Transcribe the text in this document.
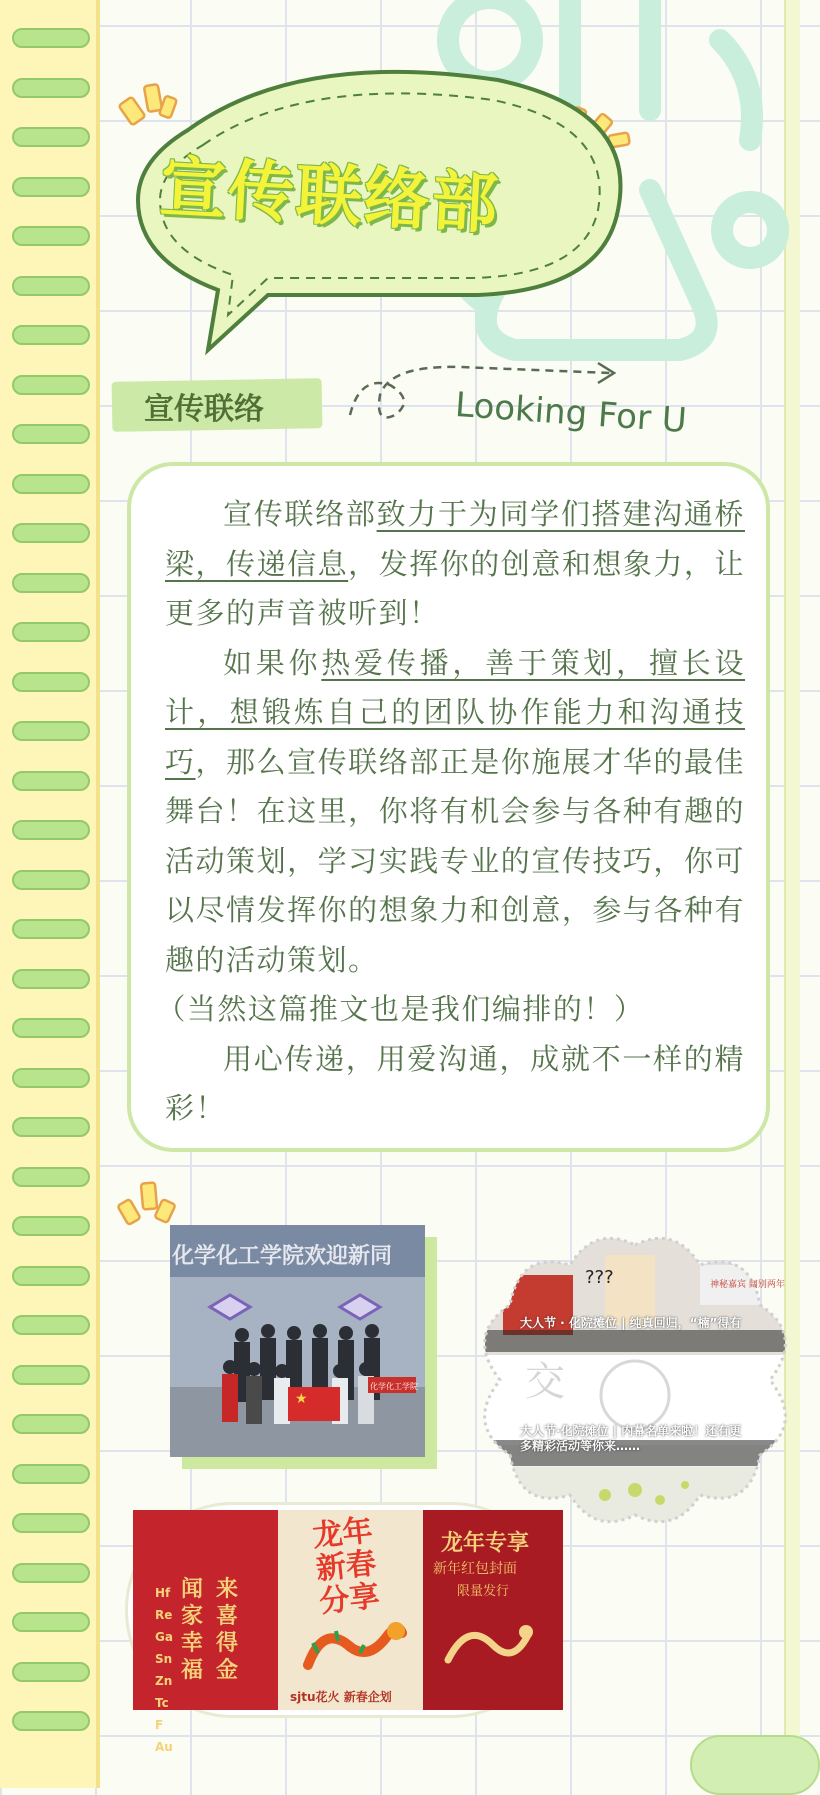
宣传联络部
宣传联络	Looking For U
宣传联络部致力于为同学们搭建沟通桥梁，传递信息，发挥你的创意和想象力，让更多的声音被听到！
如果你热爱传播，善于策划，擅长设计，想锻炼自己的团队协作能力和沟通技巧，那么宣传联络部正是你施展才华的最佳舞台！在这里，你将有机会参与各种有趣的活动策划，学习实践专业的宣传技巧，你可以尽情发挥你的想象力和创意，参与各种有趣的活动策划。
（当然这篇推文也是我们编排的！）
用心传递，用爱沟通，成就不一样的精彩！
化学化工学院欢迎新同
★
化学化工学院
???	神秘嘉宾 阔别两年
交
大人节 · 化院摊位 | 纯真回归，“楠”得有
大人节·化院摊位 | 内幕名单来啦！还有更多精彩活动等你来……
Hf
Re
Ga
Sn
Zn
Tc
F
Au
闻 来
家 喜
幸 得
福 金
龙年新春分享
sjtu花火 新春企划
龙年专享
新年红包封面
限量发行
